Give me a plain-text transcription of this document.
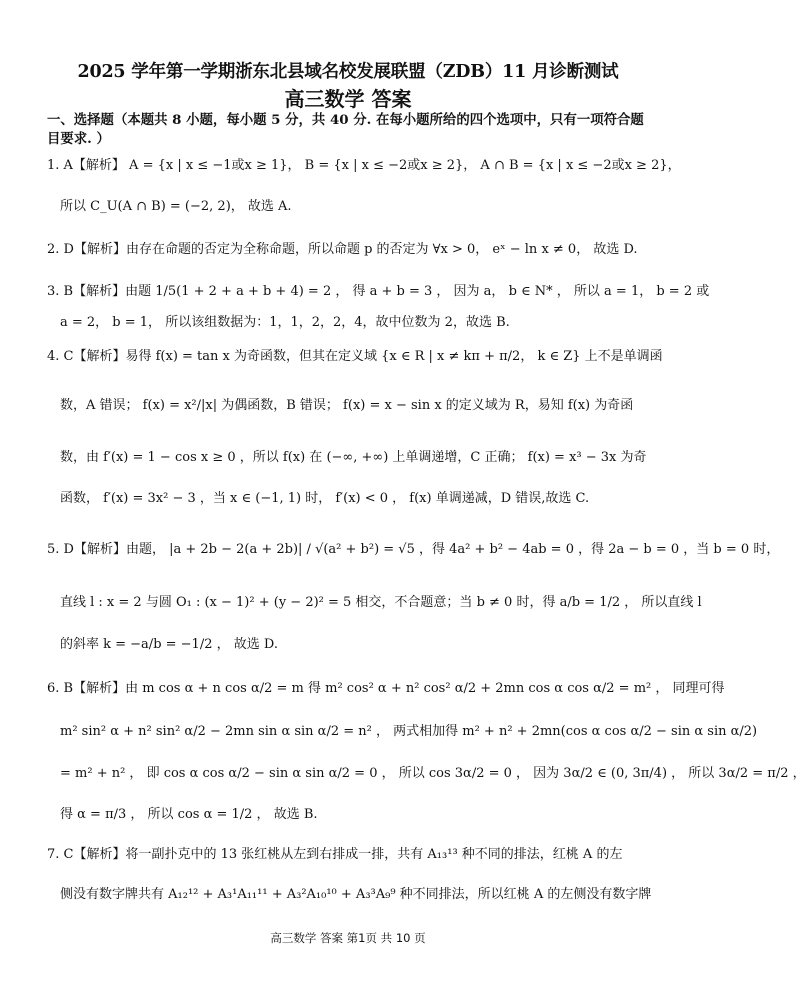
2025 学年第一学期浙东北县域名校发展联盟（ZDB）11 月诊断测试
高三数学 答案
一、选择题（本题共 8 小题，每小题 5 分，共 40 分. 在每小题所给的四个选项中，只有一项符合题
目要求. ）
1. A【解析】 A = {x | x ≤ −1或x ≥ 1}， B = {x | x ≤ −2或x ≥ 2}， A ∩ B = {x | x ≤ −2或x ≥ 2}，
所以 C_U(A ∩ B) = (−2, 2)， 故选 A.
2. D【解析】由存在命题的否定为全称命题，所以命题 p 的否定为 ∀x > 0， eˣ − ln x ≠ 0， 故选 D.
3. B【解析】由题 1/5(1 + 2 + a + b + 4) = 2 ， 得 a + b = 3 ， 因为 a， b ∈ N* ， 所以 a = 1， b = 2 或
a = 2， b = 1， 所以该组数据为：1，1，2，2，4，故中位数为 2，故选 B.
4. C【解析】易得 f(x) = tan x 为奇函数，但其在定义域 {x ∈ R | x ≠ kπ + π/2， k ∈ Z} 上不是单调函
数，A 错误； f(x) = x²/|x| 为偶函数，B 错误； f(x) = x − sin x 的定义域为 R，易知 f(x) 为奇函
数，由 f′(x) = 1 − cos x ≥ 0 ，所以 f(x) 在 (−∞, +∞) 上单调递增，C 正确； f(x) = x³ − 3x 为奇
函数， f′(x) = 3x² − 3 ，当 x ∈ (−1, 1) 时， f′(x) < 0 ， f(x) 单调递减，D 错误,故选 C.
5. D【解析】由题， |a + 2b − 2(a + 2b)| / √(a² + b²) = √5 ，得 4a² + b² − 4ab = 0 ，得 2a − b = 0 ，当 b = 0 时，
直线 l : x = 2 与圆 O₁ : (x − 1)² + (y − 2)² = 5 相交，不合题意；当 b ≠ 0 时，得 a/b = 1/2 ， 所以直线 l
的斜率 k = −a/b = −1/2 ， 故选 D.
6. B【解析】由 m cos α + n cos α/2 = m 得 m² cos² α + n² cos² α/2 + 2mn cos α cos α/2 = m² ， 同理可得
m² sin² α + n² sin² α/2 − 2mn sin α sin α/2 = n² ， 两式相加得 m² + n² + 2mn(cos α cos α/2 − sin α sin α/2)
= m² + n² ， 即 cos α cos α/2 − sin α sin α/2 = 0 ， 所以 cos 3α/2 = 0 ， 因为 3α/2 ∈ (0, 3π/4) ， 所以 3α/2 = π/2 ，
得 α = π/3 ， 所以 cos α = 1/2 ， 故选 B.
7. C【解析】将一副扑克中的 13 张红桃从左到右排成一排，共有 A₁₃¹³ 种不同的排法，红桃 A 的左
侧没有数字牌共有 A₁₂¹² + A₃¹A₁₁¹¹ + A₃²A₁₀¹⁰ + A₃³A₉⁹ 种不同排法，所以红桃 A 的左侧没有数字牌
高三数学 答案 第1页 共 10 页
